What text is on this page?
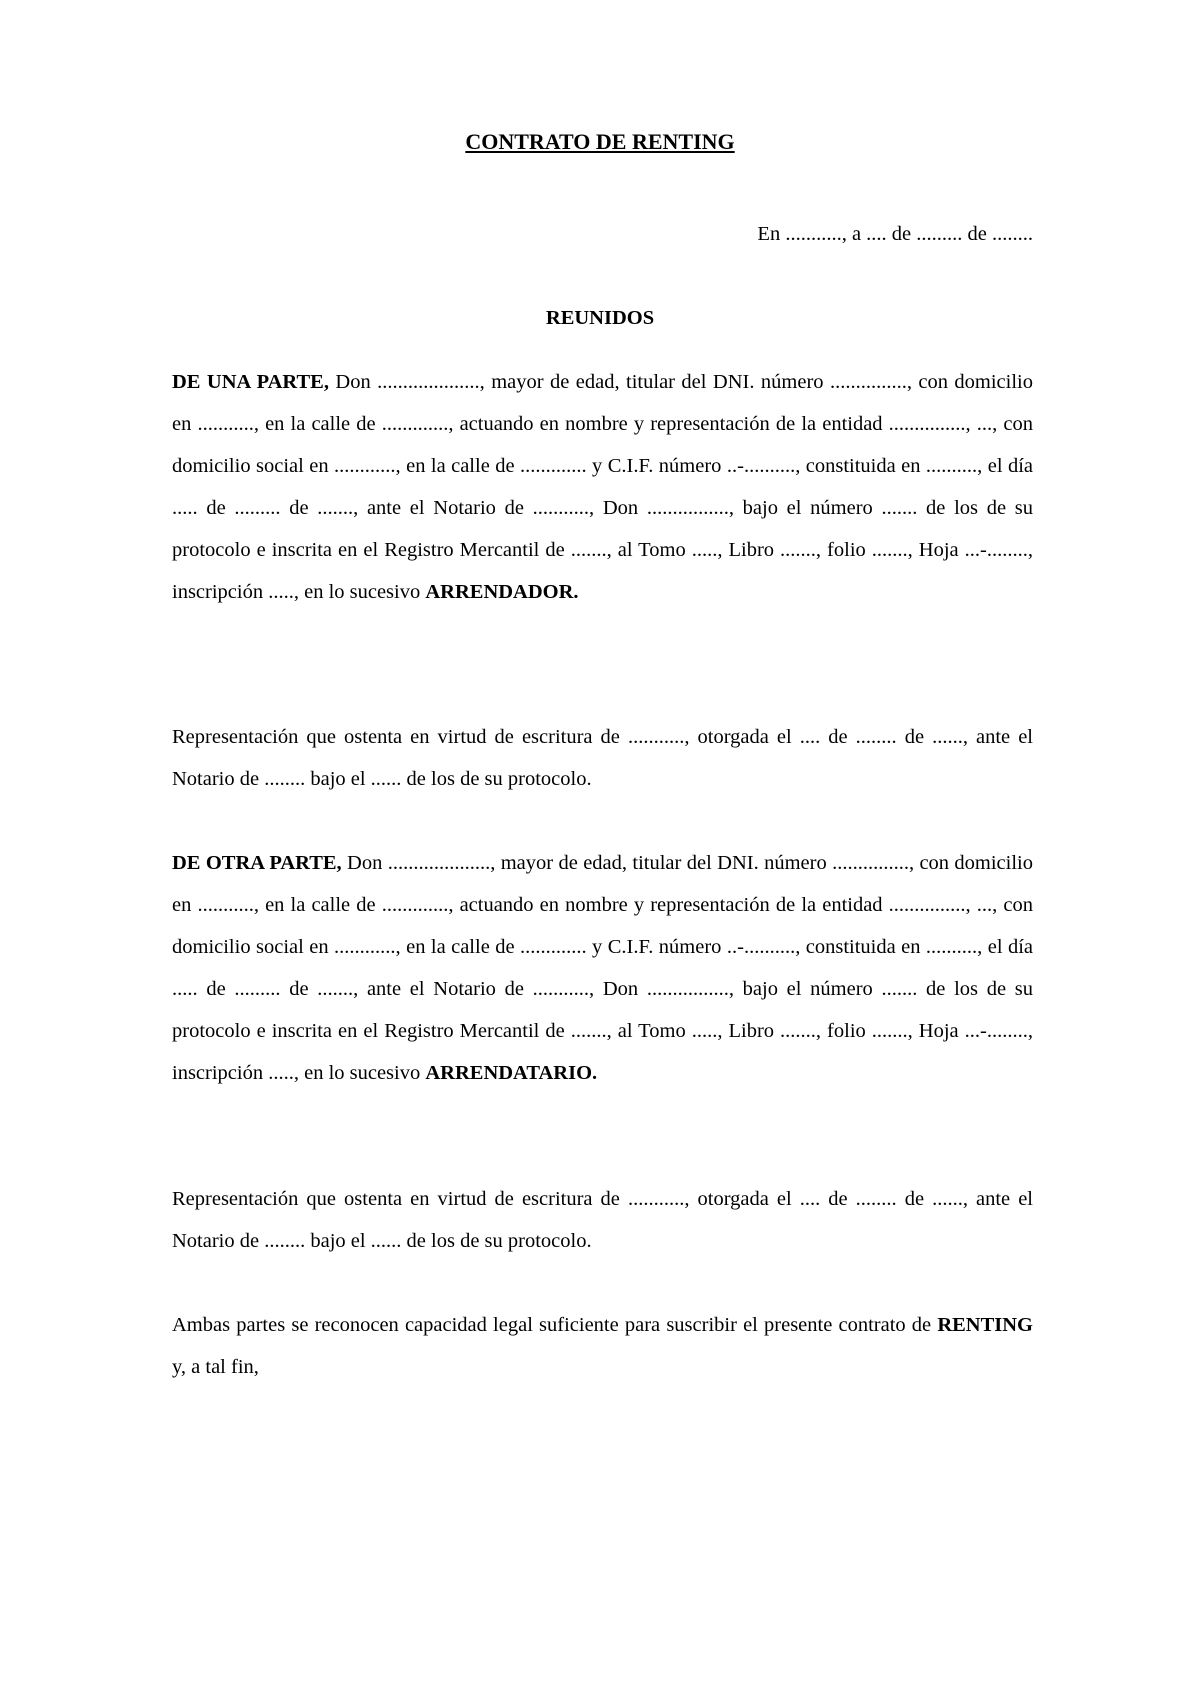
CONTRATO DE RENTING
En ..........., a .... de ......... de ........
REUNIDOS

DE UNA PARTE, Don ...................., mayor de edad, titular del DNI. número ..............., con domicilio en ..........., en la calle de ............., actuando en nombre y representación de la entidad ..............., ..., con domicilio social en ............, en la calle de ............. y C.I.F. número ..-.........., constituida en .........., el día ..... de ......... de ......., ante el Notario de ..........., Don ................, bajo el número ....... de los de su protocolo e inscrita en el Registro Mercantil de ......., al Tomo ....., Libro ......., folio ......., Hoja ...-........, inscripción ....., en lo sucesivo ARRENDADOR.

Representación que ostenta en virtud de escritura de ..........., otorgada el .... de ........ de ......, ante el Notario de ........ bajo el ...... de los de su protocolo.

DE OTRA PARTE, Don ...................., mayor de edad, titular del DNI. número ..............., con domicilio en ..........., en la calle de ............., actuando en nombre y representación de la entidad ..............., ..., con domicilio social en ............, en la calle de ............. y C.I.F. número ..-.........., constituida en .........., el día ..... de ......... de ......., ante el Notario de ..........., Don ................, bajo el número ....... de los de su protocolo e inscrita en el Registro Mercantil de ......., al Tomo ....., Libro ......., folio ......., Hoja ...-........, inscripción ....., en lo sucesivo ARRENDATARIO.

Representación que ostenta en virtud de escritura de ..........., otorgada el .... de ........ de ......, ante el Notario de ........ bajo el ...... de los de su protocolo.

Ambas partes se reconocen capacidad legal suficiente para suscribir el presente contrato de RENTING y, a tal fin,
